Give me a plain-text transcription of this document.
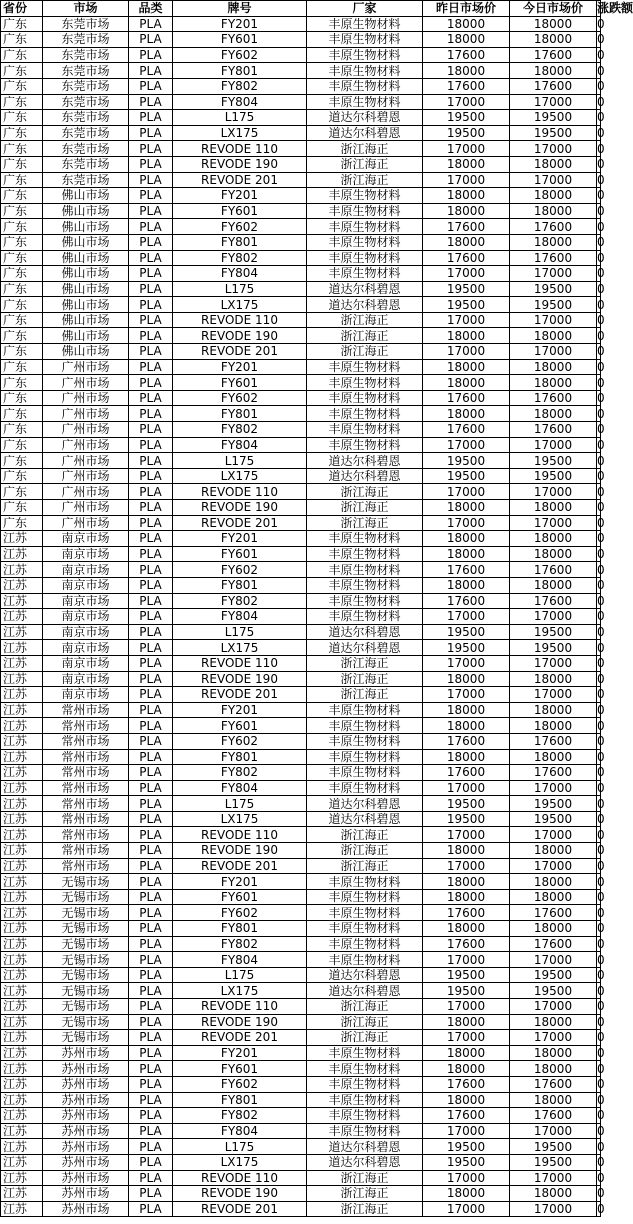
省份	市场	品类	牌号	厂家	昨日市场价	今日市场价	涨跌额
广东	东莞市场	PLA	FY201	丰原生物材料	18000	18000	0
广东	东莞市场	PLA	FY601	丰原生物材料	18000	18000	0
广东	东莞市场	PLA	FY602	丰原生物材料	17600	17600	0
广东	东莞市场	PLA	FY801	丰原生物材料	18000	18000	0
广东	东莞市场	PLA	FY802	丰原生物材料	17600	17600	0
广东	东莞市场	PLA	FY804	丰原生物材料	17000	17000	0
广东	东莞市场	PLA	L175	道达尔科碧恩	19500	19500	0
广东	东莞市场	PLA	LX175	道达尔科碧恩	19500	19500	0
广东	东莞市场	PLA	REVODE 110	浙江海正	17000	17000	0
广东	东莞市场	PLA	REVODE 190	浙江海正	18000	18000	0
广东	东莞市场	PLA	REVODE 201	浙江海正	17000	17000	0
广东	佛山市场	PLA	FY201	丰原生物材料	18000	18000	0
广东	佛山市场	PLA	FY601	丰原生物材料	18000	18000	0
广东	佛山市场	PLA	FY602	丰原生物材料	17600	17600	0
广东	佛山市场	PLA	FY801	丰原生物材料	18000	18000	0
广东	佛山市场	PLA	FY802	丰原生物材料	17600	17600	0
广东	佛山市场	PLA	FY804	丰原生物材料	17000	17000	0
广东	佛山市场	PLA	L175	道达尔科碧恩	19500	19500	0
广东	佛山市场	PLA	LX175	道达尔科碧恩	19500	19500	0
广东	佛山市场	PLA	REVODE 110	浙江海正	17000	17000	0
广东	佛山市场	PLA	REVODE 190	浙江海正	18000	18000	0
广东	佛山市场	PLA	REVODE 201	浙江海正	17000	17000	0
广东	广州市场	PLA	FY201	丰原生物材料	18000	18000	0
广东	广州市场	PLA	FY601	丰原生物材料	18000	18000	0
广东	广州市场	PLA	FY602	丰原生物材料	17600	17600	0
广东	广州市场	PLA	FY801	丰原生物材料	18000	18000	0
广东	广州市场	PLA	FY802	丰原生物材料	17600	17600	0
广东	广州市场	PLA	FY804	丰原生物材料	17000	17000	0
广东	广州市场	PLA	L175	道达尔科碧恩	19500	19500	0
广东	广州市场	PLA	LX175	道达尔科碧恩	19500	19500	0
广东	广州市场	PLA	REVODE 110	浙江海正	17000	17000	0
广东	广州市场	PLA	REVODE 190	浙江海正	18000	18000	0
广东	广州市场	PLA	REVODE 201	浙江海正	17000	17000	0
江苏	南京市场	PLA	FY201	丰原生物材料	18000	18000	0
江苏	南京市场	PLA	FY601	丰原生物材料	18000	18000	0
江苏	南京市场	PLA	FY602	丰原生物材料	17600	17600	0
江苏	南京市场	PLA	FY801	丰原生物材料	18000	18000	0
江苏	南京市场	PLA	FY802	丰原生物材料	17600	17600	0
江苏	南京市场	PLA	FY804	丰原生物材料	17000	17000	0
江苏	南京市场	PLA	L175	道达尔科碧恩	19500	19500	0
江苏	南京市场	PLA	LX175	道达尔科碧恩	19500	19500	0
江苏	南京市场	PLA	REVODE 110	浙江海正	17000	17000	0
江苏	南京市场	PLA	REVODE 190	浙江海正	18000	18000	0
江苏	南京市场	PLA	REVODE 201	浙江海正	17000	17000	0
江苏	常州市场	PLA	FY201	丰原生物材料	18000	18000	0
江苏	常州市场	PLA	FY601	丰原生物材料	18000	18000	0
江苏	常州市场	PLA	FY602	丰原生物材料	17600	17600	0
江苏	常州市场	PLA	FY801	丰原生物材料	18000	18000	0
江苏	常州市场	PLA	FY802	丰原生物材料	17600	17600	0
江苏	常州市场	PLA	FY804	丰原生物材料	17000	17000	0
江苏	常州市场	PLA	L175	道达尔科碧恩	19500	19500	0
江苏	常州市场	PLA	LX175	道达尔科碧恩	19500	19500	0
江苏	常州市场	PLA	REVODE 110	浙江海正	17000	17000	0
江苏	常州市场	PLA	REVODE 190	浙江海正	18000	18000	0
江苏	常州市场	PLA	REVODE 201	浙江海正	17000	17000	0
江苏	无锡市场	PLA	FY201	丰原生物材料	18000	18000	0
江苏	无锡市场	PLA	FY601	丰原生物材料	18000	18000	0
江苏	无锡市场	PLA	FY602	丰原生物材料	17600	17600	0
江苏	无锡市场	PLA	FY801	丰原生物材料	18000	18000	0
江苏	无锡市场	PLA	FY802	丰原生物材料	17600	17600	0
江苏	无锡市场	PLA	FY804	丰原生物材料	17000	17000	0
江苏	无锡市场	PLA	L175	道达尔科碧恩	19500	19500	0
江苏	无锡市场	PLA	LX175	道达尔科碧恩	19500	19500	0
江苏	无锡市场	PLA	REVODE 110	浙江海正	17000	17000	0
江苏	无锡市场	PLA	REVODE 190	浙江海正	18000	18000	0
江苏	无锡市场	PLA	REVODE 201	浙江海正	17000	17000	0
江苏	苏州市场	PLA	FY201	丰原生物材料	18000	18000	0
江苏	苏州市场	PLA	FY601	丰原生物材料	18000	18000	0
江苏	苏州市场	PLA	FY602	丰原生物材料	17600	17600	0
江苏	苏州市场	PLA	FY801	丰原生物材料	18000	18000	0
江苏	苏州市场	PLA	FY802	丰原生物材料	17600	17600	0
江苏	苏州市场	PLA	FY804	丰原生物材料	17000	17000	0
江苏	苏州市场	PLA	L175	道达尔科碧恩	19500	19500	0
江苏	苏州市场	PLA	LX175	道达尔科碧恩	19500	19500	0
江苏	苏州市场	PLA	REVODE 110	浙江海正	17000	17000	0
江苏	苏州市场	PLA	REVODE 190	浙江海正	18000	18000	0
江苏	苏州市场	PLA	REVODE 201	浙江海正	17000	17000	0
